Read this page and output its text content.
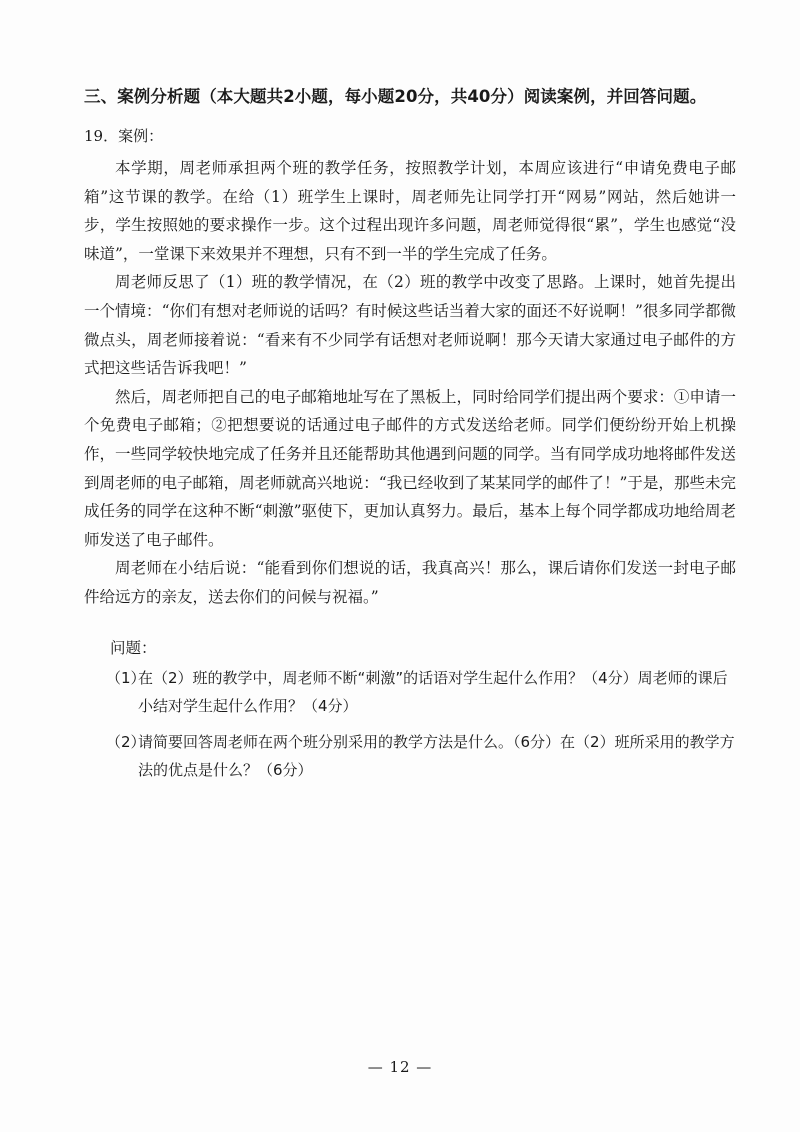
三、案例分析题（本大题共2小题，每小题20分，共40分）阅读案例，并回答问题。
19．案例：

本学期，周老师承担两个班的教学任务，按照教学计划，本周应该进行“申请免费电子邮箱”这节课的教学。在给（1）班学生上课时，周老师先让同学打开“网易”网站，然后她讲一步，学生按照她的要求操作一步。这个过程出现许多问题，周老师觉得很“累”，学生也感觉“没味道”，一堂课下来效果并不理想，只有不到一半的学生完成了任务。

周老师反思了（1）班的教学情况，在（2）班的教学中改变了思路。上课时，她首先提出一个情境：“你们有想对老师说的话吗？有时候这些话当着大家的面还不好说啊！”很多同学都微微点头，周老师接着说：“看来有不少同学有话想对老师说啊！那今天请大家通过电子邮件的方式把这些话告诉我吧！”

然后，周老师把自己的电子邮箱地址写在了黑板上，同时给同学们提出两个要求：①申请一个免费电子邮箱；②把想要说的话通过电子邮件的方式发送给老师。同学们便纷纷开始上机操作，一些同学较快地完成了任务并且还能帮助其他遇到问题的同学。当有同学成功地将邮件发送到周老师的电子邮箱，周老师就高兴地说：“我已经收到了某某同学的邮件了！”于是，那些未完成任务的同学在这种不断“刺激”驱使下，更加认真努力。最后，基本上每个同学都成功地给周老师发送了电子邮件。

周老师在小结后说：“能看到你们想说的话，我真高兴！那么，课后请你们发送一封电子邮件给远方的亲友，送去你们的问候与祝福。”

问题：
（1）
在（2）班的教学中，周老师不断“刺激”的话语对学生起什么作用？（4分）周老师的课后小结对学生起什么作用？（4分）
（2）
请简要回答周老师在两个班分别采用的教学方法是什么。（6分）在（2）班所采用的教学方法的优点是什么？（6分）
— 12 —
